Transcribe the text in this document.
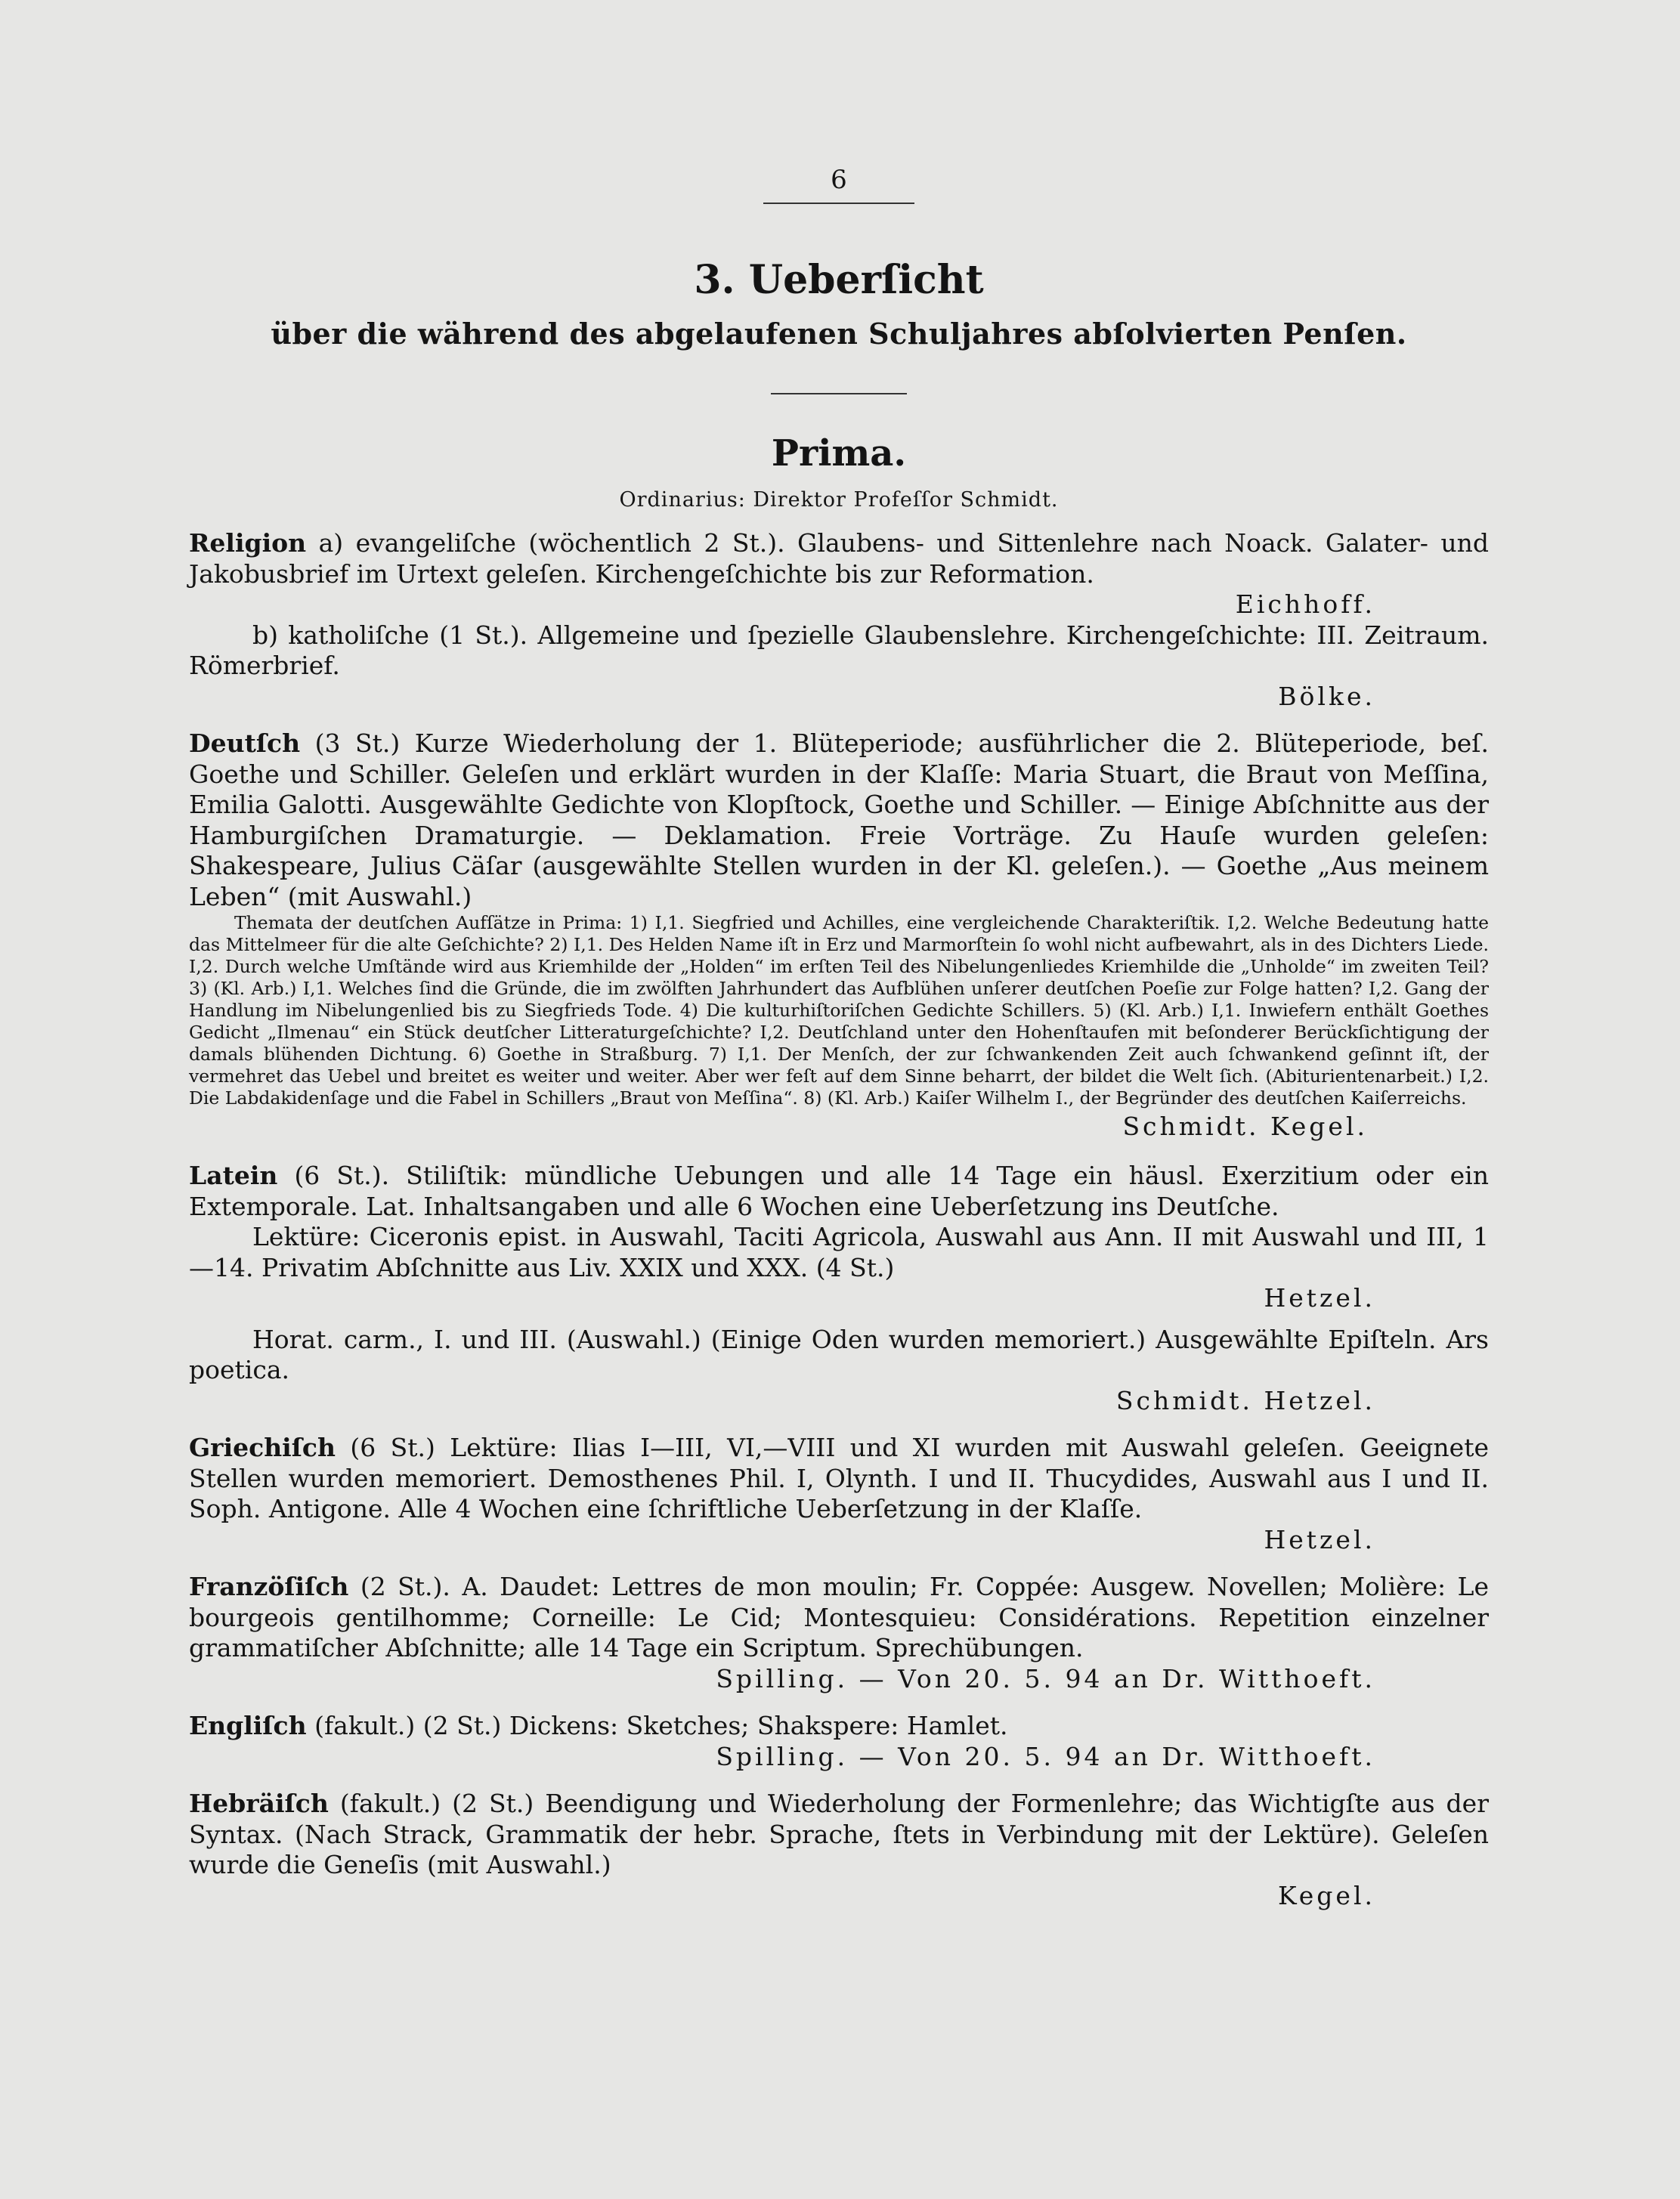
6
3. Ueberſicht
über die während des abgelaufenen Schuljahres abſolvierten Penſen.
Prima.
Ordinarius: Direktor Profeſſor Schmidt.

Religion a) evangeliſche (wöchentlich 2 St.). Glaubens- und Sittenlehre nach Noack. Galater- und Jakobusbrief im Urtext geleſen. Kirchengeſchichte bis zur Reformation.

Eichhoff.

b) katholiſche (1 St.). Allgemeine und ſpezielle Glaubenslehre. Kirchengeſchichte: III. Zeitraum. Römerbrief.

Bölke.

Deutſch (3 St.) Kurze Wiederholung der 1. Blüteperiode; ausführlicher die 2. Blüteperiode, beſ. Goethe und Schiller. Geleſen und erklärt wurden in der Klaſſe: Maria Stuart, die Braut von Meſſina, Emilia Galotti. Ausgewählte Gedichte von Klopſtock, Goethe und Schiller. — Einige Abſchnitte aus der Hamburgiſchen Dramaturgie. — Deklamation. Freie Vorträge. Zu Hauſe wurden geleſen: Shakespeare, Julius Cäſar (ausgewählte Stellen wurden in der Kl. geleſen.). — Goethe „Aus meinem Leben“ (mit Auswahl.)

Themata der deutſchen Aufſätze in Prima: 1) I,1. Siegfried und Achilles, eine vergleichende Charakteriſtik. I,2. Welche Bedeutung hatte das Mittelmeer für die alte Geſchichte? 2) I,1. Des Helden Name iſt in Erz und Marmorſtein ſo wohl nicht aufbewahrt, als in des Dichters Liede. I,2. Durch welche Umſtände wird aus Kriemhilde der „Holden“ im erſten Teil des Nibelungenliedes Kriemhilde die „Unholde“ im zweiten Teil? 3) (Kl. Arb.) I,1. Welches ſind die Gründe, die im zwölften Jahrhundert das Aufblühen unſerer deutſchen Poeſie zur Folge hatten? I,2. Gang der Handlung im Nibelungenlied bis zu Siegfrieds Tode. 4) Die kulturhiſtoriſchen Gedichte Schillers. 5) (Kl. Arb.) I,1. Inwiefern enthält Goethes Gedicht „Ilmenau“ ein Stück deutſcher Litteraturgeſchichte? I,2. Deutſchland unter den Hohenſtaufen mit beſonderer Berückſichtigung der damals blühenden Dichtung. 6) Goethe in Straßburg. 7) I,1. Der Menſch, der zur ſchwankenden Zeit auch ſchwankend geſinnt iſt, der vermehret das Uebel und breitet es weiter und weiter. Aber wer feſt auf dem Sinne beharrt, der bildet die Welt ſich. (Abiturientenarbeit.) I,2. Die Labdakidenſage und die Fabel in Schillers „Braut von Meſſina“. 8) (Kl. Arb.) Kaiſer Wilhelm I., der Begründer des deutſchen Kaiſerreichs.

Schmidt. Kegel.

Latein (6 St.). Stiliſtik: mündliche Uebungen und alle 14 Tage ein häusl. Exerzitium oder ein Extemporale. Lat. Inhaltsangaben und alle 6 Wochen eine Ueberſetzung ins Deutſche.

Lektüre: Ciceronis epist. in Auswahl, Taciti Agricola, Auswahl aus Ann. II mit Auswahl und III, 1—14. Privatim Abſchnitte aus Liv. XXIX und XXX. (4 St.)

Hetzel.

Horat. carm., I. und III. (Auswahl.) (Einige Oden wurden memoriert.) Ausgewählte Epiſteln. Ars poetica.

Schmidt. Hetzel.

Griechiſch (6 St.) Lektüre: Ilias I—III, VI,—VIII und XI wurden mit Auswahl geleſen. Geeignete Stellen wurden memoriert. Demosthenes Phil. I, Olynth. I und II. Thucydides, Auswahl aus I und II. Soph. Antigone. Alle 4 Wochen eine ſchriftliche Ueberſetzung in der Klaſſe.

Hetzel.

Franzöſiſch (2 St.). A. Daudet: Lettres de mon moulin; Fr. Coppée: Ausgew. Novellen; Molière: Le bourgeois gentilhomme; Corneille: Le Cid; Montesquieu: Considérations. Repetition einzelner grammatiſcher Abſchnitte; alle 14 Tage ein Scriptum. Sprechübungen.

Spilling. — Von 20. 5. 94 an Dr. Witthoeft.

Engliſch (fakult.) (2 St.) Dickens: Sketches; Shakspere: Hamlet.

Spilling. — Von 20. 5. 94 an Dr. Witthoeft.

Hebräiſch (fakult.) (2 St.) Beendigung und Wiederholung der Formenlehre; das Wichtigſte aus der Syntax. (Nach Strack, Grammatik der hebr. Sprache, ſtets in Verbindung mit der Lektüre). Geleſen wurde die Geneſis (mit Auswahl.)

Kegel.
